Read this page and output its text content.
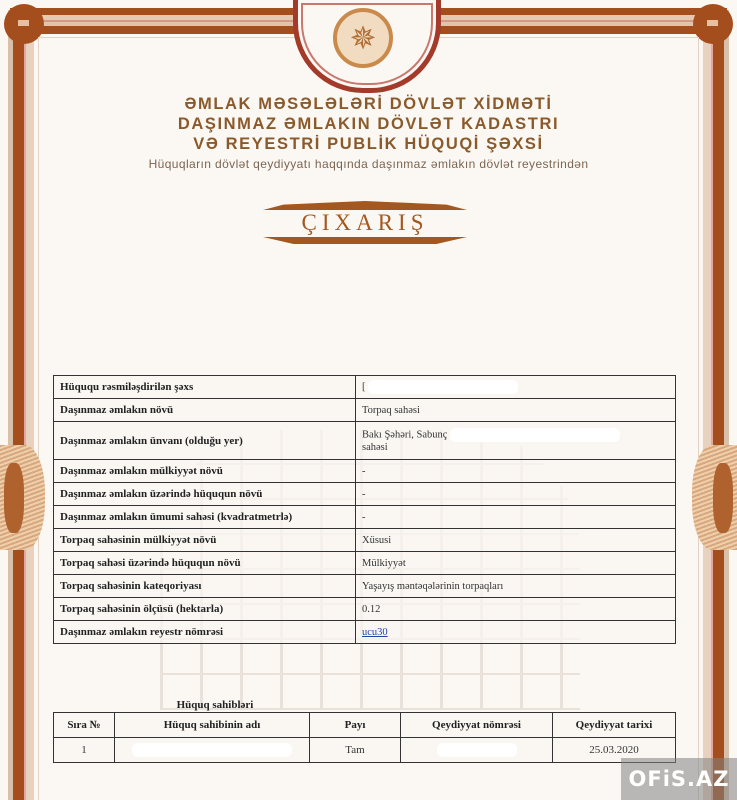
✵
ƏMLAK MƏSƏLƏLƏRİ DÖVLƏT XİDMƏTİ
DAŞINMAZ ƏMLAKIN DÖVLƏT KADASTRI
VƏ REYESTRİ PUBLİK HÜQUQİ ŞƏXSİ
Hüquqların dövlət qeydiyyatı haqqında daşınmaz əmlakın dövlət reyestrindən
ÇIXARIŞ
Hüququ rəsmiləşdirilən şəxs	[
Daşınmaz əmlakın növü	Torpaq sahəsi
Daşınmaz əmlakın ünvanı (olduğu yer)	Bakı Şəhəri, Sabunç
sahəsi
Daşınmaz əmlakın mülkiyyət növü	-
Daşınmaz əmlakın üzərində hüququn növü	-
Daşınmaz əmlakın ümumi sahəsi (kvadratmetrlə)	-
Torpaq sahəsinin mülkiyyət növü	Xüsusi
Torpaq sahəsi üzərində hüququn növü	Mülkiyyət
Torpaq sahəsinin kateqoriyası	Yaşayış məntəqələrinin torpaqları
Torpaq sahəsinin ölçüsü (hektarla)	0.12
Daşınmaz əmlakın reyestr nömrəsi	ucu30
Hüquq sahibləri
Sıra №	Hüquq sahibinin adı	Payı	Qeydiyyat nömrəsi	Qeydiyyat tarixi
1		Tam		25.03.2020
OFiS.AZ
